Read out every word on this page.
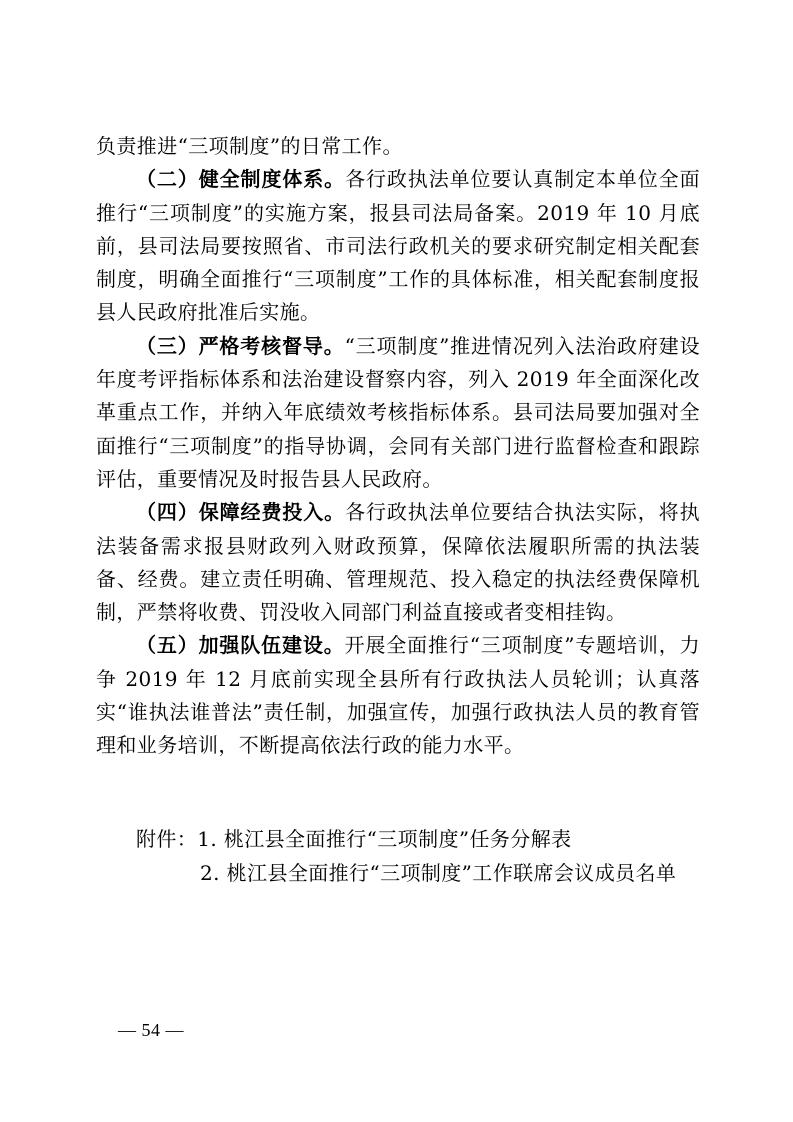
负责推进“三项制度”的日常工作。

（二）健全制度体系。各行政执法单位要认真制定本单位全面推行“三项制度”的实施方案，报县司法局备案。2019 年 10 月底前，县司法局要按照省、市司法行政机关的要求研究制定相关配套制度，明确全面推行“三项制度”工作的具体标准，相关配套制度报县人民政府批准后实施。

（三）严格考核督导。“三项制度”推进情况列入法治政府建设年度考评指标体系和法治建设督察内容，列入 2019 年全面深化改革重点工作，并纳入年底绩效考核指标体系。县司法局要加强对全面推行“三项制度”的指导协调，会同有关部门进行监督检查和跟踪评估，重要情况及时报告县人民政府。

（四）保障经费投入。各行政执法单位要结合执法实际，将执法装备需求报县财政列入财政预算，保障依法履职所需的执法装备、经费。建立责任明确、管理规范、投入稳定的执法经费保障机制，严禁将收费、罚没收入同部门利益直接或者变相挂钩。

（五）加强队伍建设。开展全面推行“三项制度”专题培训，力争 2019 年 12 月底前实现全县所有行政执法人员轮训；认真落实“谁执法谁普法”责任制，加强宣传，加强行政执法人员的教育管理和业务培训，不断提高依法行政的能力水平。

附件：1. 桃江县全面推行“三项制度”任务分解表
2. 桃江县全面推行“三项制度”工作联席会议成员名单
— 54 —
